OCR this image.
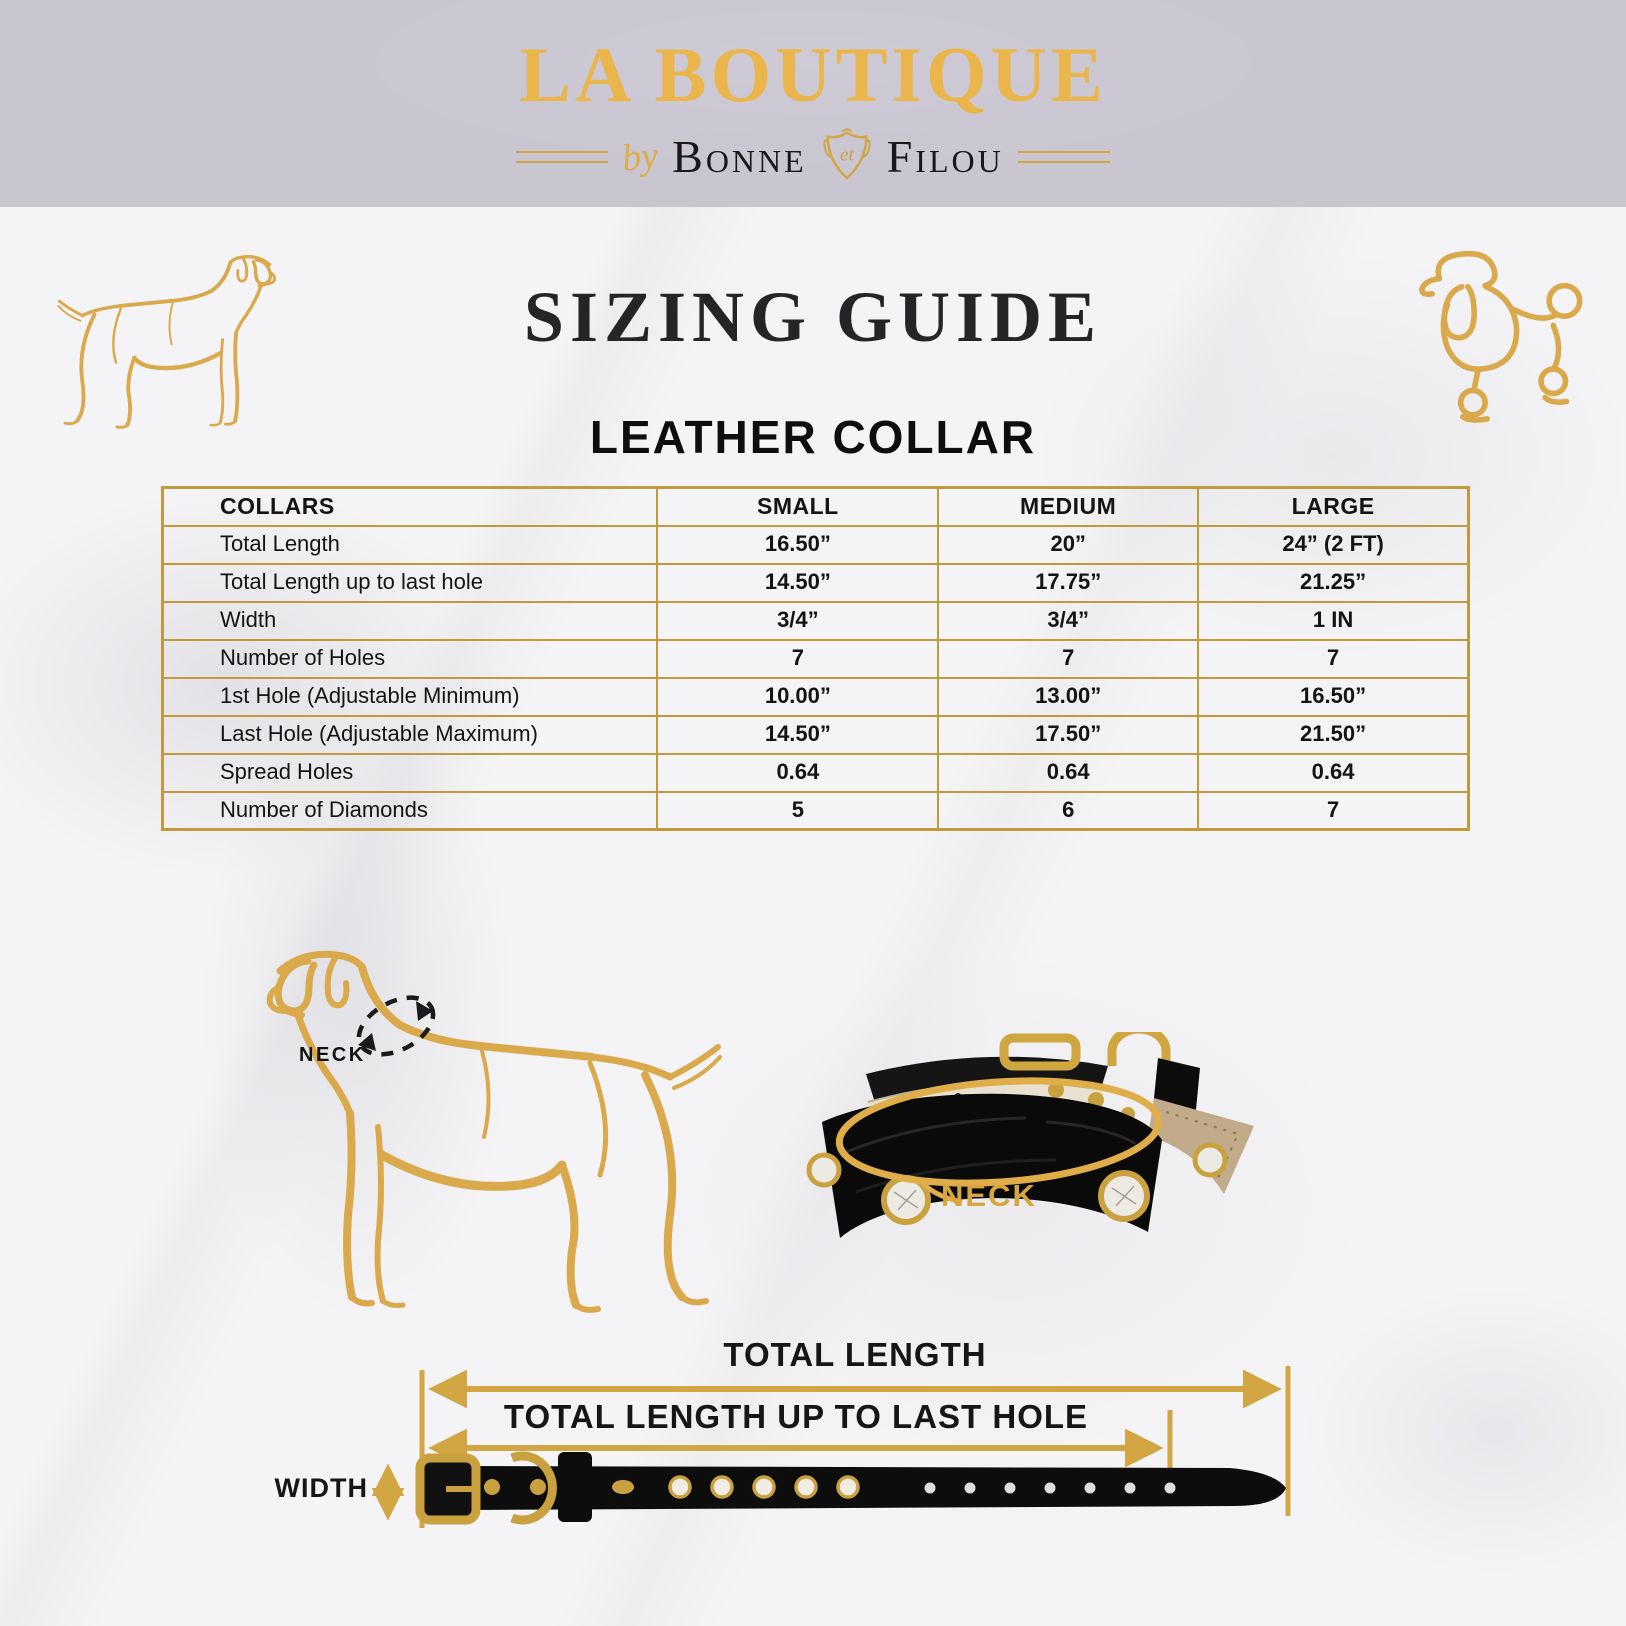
LA BOUTIQUE
by Bonne et Filou
SIZING GUIDE
LEATHER COLLAR
COLLARS	SMALL	MEDIUM	LARGE
Total Length	16.50”	20”	24” (2 FT)
Total Length up to last hole	14.50”	17.75”	21.25”
Width	3/4”	3/4”	1 IN
Number of Holes	7	7	7
1st Hole (Adjustable Minimum)	10.00”	13.00”	16.50”
Last Hole (Adjustable Maximum)	14.50”	17.50”	21.50”
Spread Holes	0.64	0.64	0.64
Number of Diamonds	5	6	7
NECK
NECK
TOTAL LENGTH
TOTAL LENGTH UP TO LAST HOLE
WIDTH
